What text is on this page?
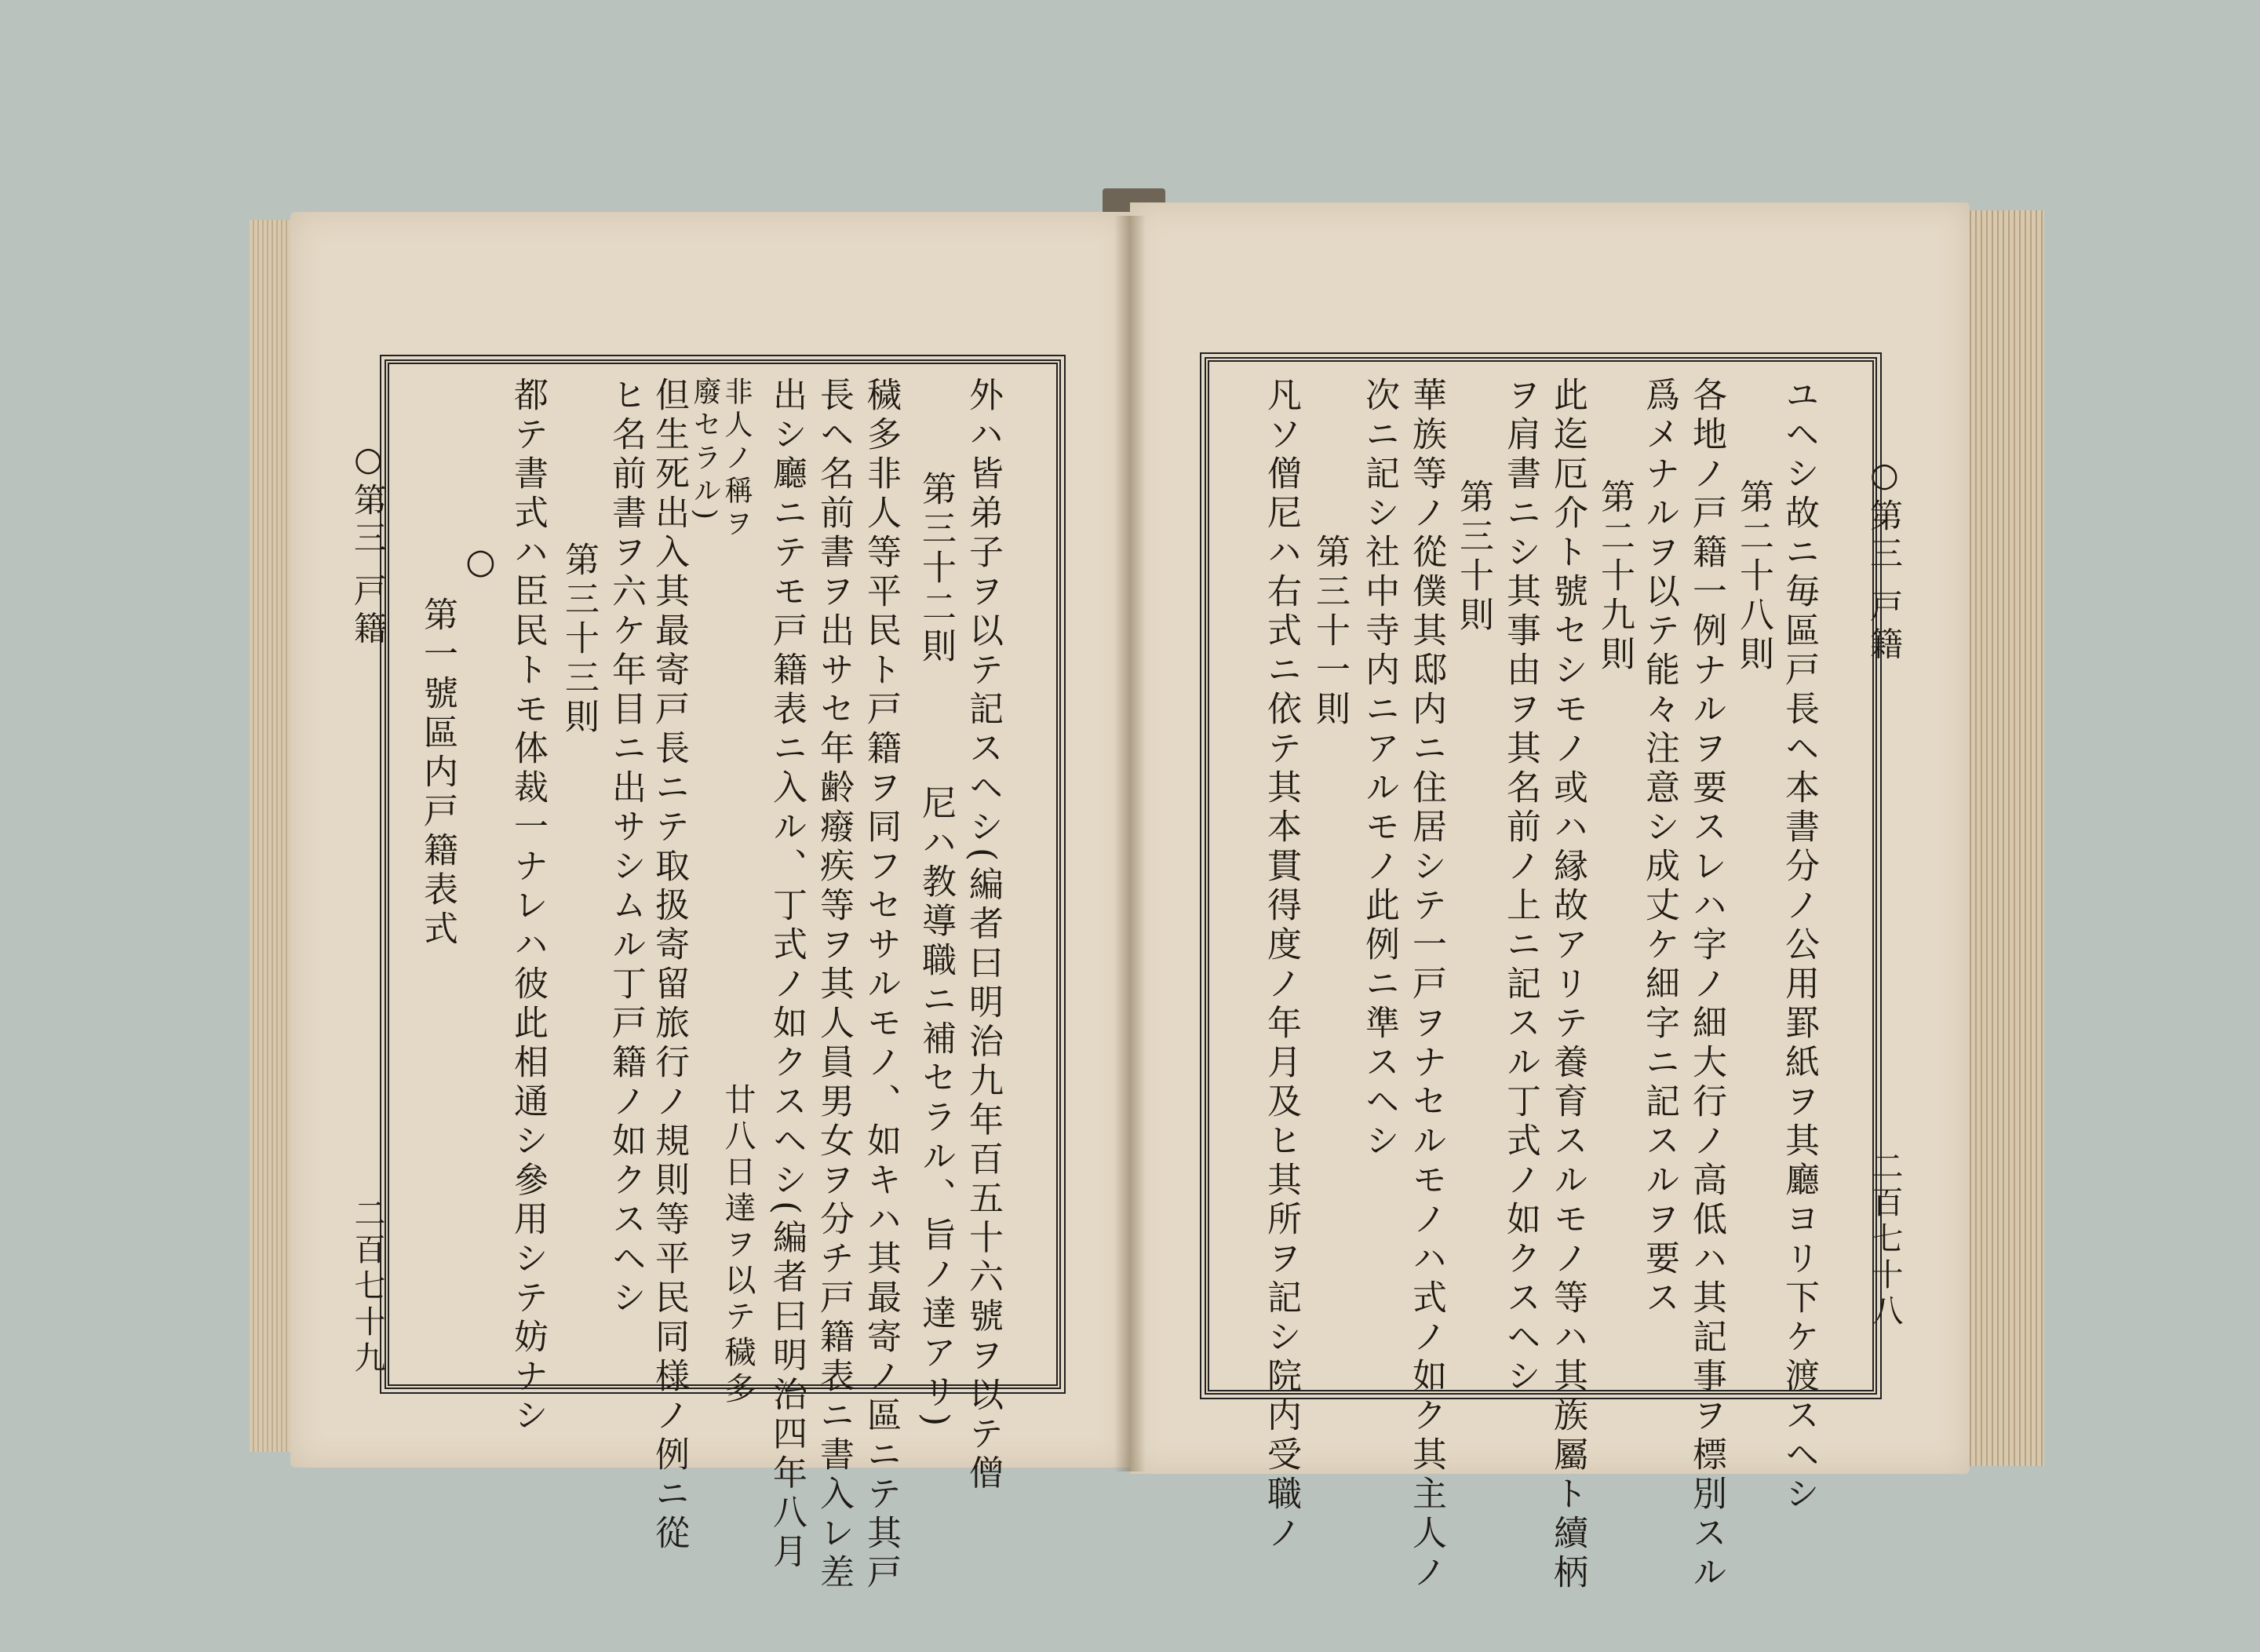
○第三 戸籍
二百七十九	外ハ皆弟子ヲ以テ記スヘシ(編者曰明治九年百五十六號ヲ以テ僧
尼ハ教導職ニ補セラル、旨ノ達アリ)
第三十二則
穢多非人等平民ト戸籍ヲ同フセサルモノ、如キハ其最寄ノ區ニテ其戸
長ヘ名前書ヲ出サセ年齢癈疾等ヲ其人員男女ヲ分チ戸籍表ニ書入レ差
出シ廳ニテモ戸籍表ニ入ル、丁式ノ如クスヘシ(編者曰明治四年八月
非人ノ稱ヲ
廢セラル)
廿八日達ヲ以テ穢多
但生死出入其最寄戸長ニテ取扱寄留旅行ノ規則等平民同様ノ例ニ從
ヒ名前書ヲ六ケ年目ニ出サシムル丁戸籍ノ如クスヘシ
第三十三則
都テ書式ハ臣民トモ体裁一ナレハ彼此相通シ參用シテ妨ナシ
○
第一號區内戸籍表式
○第三 戸籍
二百七十八
ユヘシ故ニ毎區戸長ヘ本書分ノ公用罫紙ヲ其廳ヨリ下ケ渡スヘシ
第二十八則
各地ノ戸籍一例ナルヲ要スレハ字ノ細大行ノ高低ハ其記事ヲ標別スル
爲メナルヲ以テ能々注意シ成丈ケ細字ニ記スルヲ要ス
第二十九則
此迄厄介ト號セシモノ或ハ縁故アリテ養育スルモノ等ハ其族屬ト續柄
ヲ肩書ニシ其事由ヲ其名前ノ上ニ記スル丁式ノ如クスヘシ
第三十則
華族等ノ從僕其邸内ニ住居シテ一戸ヲナセルモノハ式ノ如ク其主人ノ
次ニ記シ社中寺内ニアルモノ此例ニ準スヘシ
第三十一則
凡ソ僧尼ハ右式ニ依テ其本貫得度ノ年月及ヒ其所ヲ記シ院内受職ノ
